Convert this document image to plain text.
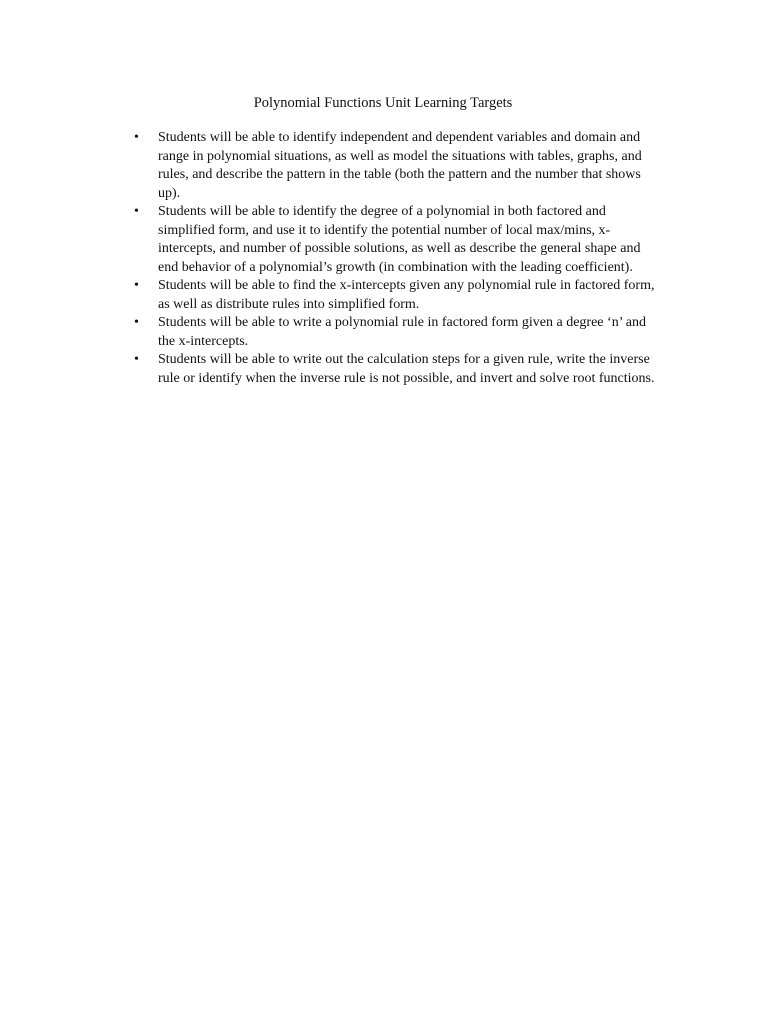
Polynomial Functions Unit Learning Targets
• Students will be able to identify independent and dependent variables and domain and range in polynomial situations, as well as model the situations with tables, graphs, and rules, and describe the pattern in the table (both the pattern and the number that shows up).
• Students will be able to identify the degree of a polynomial in both factored and simplified form, and use it to identify the potential number of local max/mins, x-intercepts, and number of possible solutions, as well as describe the general shape and end behavior of a polynomial’s growth (in combination with the leading coefficient).
• Students will be able to find the x-intercepts given any polynomial rule in factored form, as well as distribute rules into simplified form.
• Students will be able to write a polynomial rule in factored form given a degree ‘n’ and the x-intercepts.
• Students will be able to write out the calculation steps for a given rule, write the inverse rule or identify when the inverse rule is not possible, and invert and solve root functions.
